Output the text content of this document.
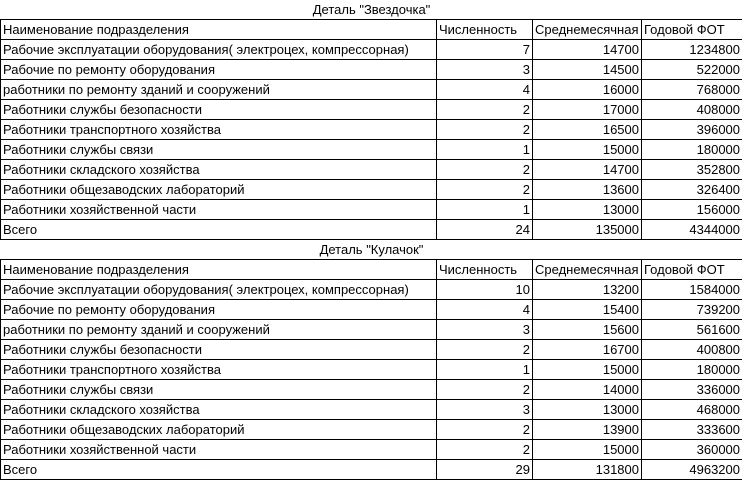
Деталь "Звездочка"			
Наименование подразделения	Численность	Среднемесячная	Годовой ФОТ
Рабочие эксплуатации оборудования( электроцех, компрессорная)	7	14700	1234800
Рабочие по ремонту оборудования	3	14500	522000
работники по ремонту зданий и сооружений	4	16000	768000
Работники службы безопасности	2	17000	408000
Работники транспортного хозяйства	2	16500	396000
Работники службы связи	1	15000	180000
Работники складского хозяйства	2	14700	352800
Работники общезаводских лабораторий	2	13600	326400
Работники хозяйственной части	1	13000	156000
Всего	24	135000	4344000
Деталь "Кулачок"			
Наименование подразделения	Численность	Среднемесячная	Годовой ФОТ
Рабочие эксплуатации оборудования( электроцех, компрессорная)	10	13200	1584000
Рабочие по ремонту оборудования	4	15400	739200
работники по ремонту зданий и сооружений	3	15600	561600
Работники службы безопасности	2	16700	400800
Работники транспортного хозяйства	1	15000	180000
Работники службы связи	2	14000	336000
Работники складского хозяйства	3	13000	468000
Работники общезаводских лабораторий	2	13900	333600
Работники хозяйственной части	2	15000	360000
Всего	29	131800	4963200
